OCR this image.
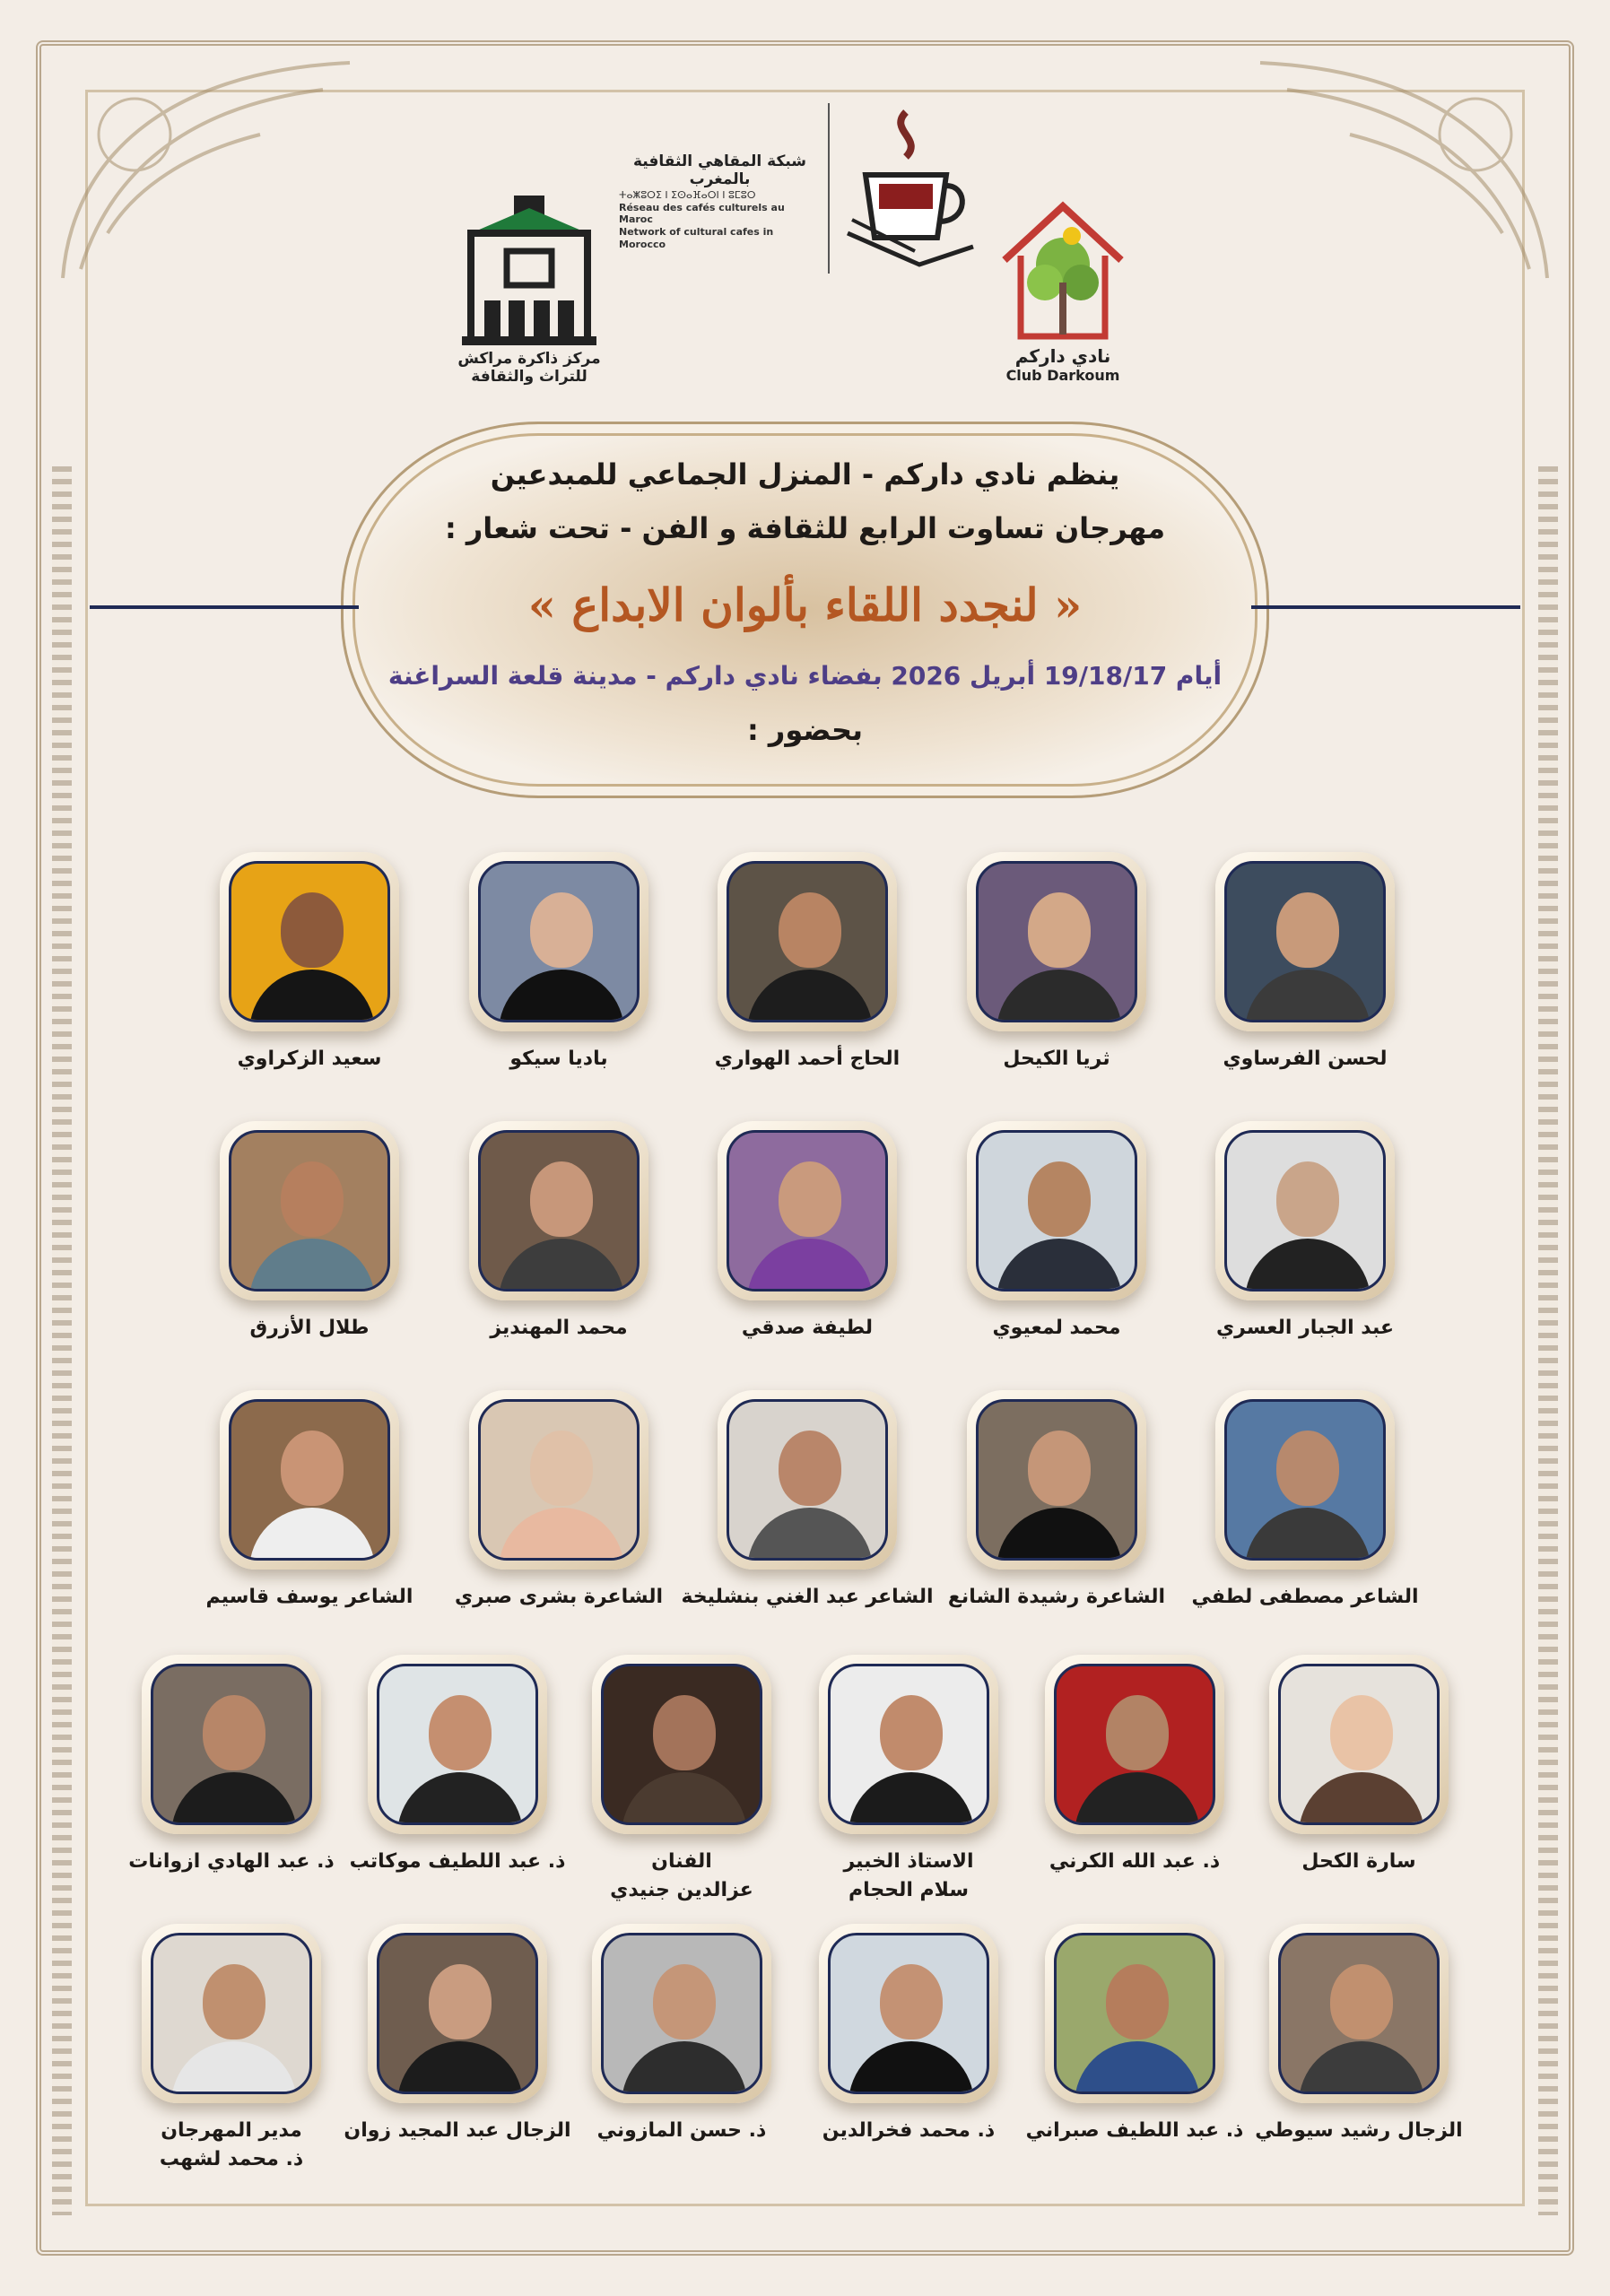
مركز ذاكرة مراكش
للتراث والثقافة
شبكة المقاهي الثقافية بالمغرب
ⵜⴰⵥⵓⵔⵉ ⵏ ⵉⵙⴰⴼⴰⵔⵏ ⵏ ⵓⵎⵓⵔ
Réseau des cafés culturels au Maroc
Network of cultural cafes in Morocco
نادي داركم
Club Darkoum
ينظم نادي داركم - المنزل الجماعي للمبدعين
مهرجان تساوت الرابع للثقافة و الفن - تحت شعار :
« لنجدد اللقاء بألوان الابداع »
أيام 19/18/17 أبريل 2026 بفضاء نادي داركم - مدينة قلعة السراغنة
بحضور :
لحسن الفرساوي
ثريا الكيحل
الحاج أحمد الهواري
باديا سيكو
سعيد الزكراوي
عبد الجبار العسري
محمد لمعيوي
لطيفة صدقي
محمد المهنديز
طلال الأزرق
الشاعر مصطفى لطفي
الشاعرة رشيدة الشانع
الشاعر عبد الغني بنشليخة
الشاعرة بشرى صبري
الشاعر يوسف قاسيم
سارة الكحل
ذ. عبد الله الكرني
الاستاذ الخبير
سلام الحجام
الفنان
عزالدين جنيدي
ذ. عبد اللطيف موكاتب
ذ. عبد الهادي ازوانات
الزجال رشيد سيوطي
ذ. عبد اللطيف صبراني
ذ. محمد فخرالدين
ذ. حسن المازوني
الزجال عبد المجيد زوان
مدير المهرجان
ذ. محمد لشهب
